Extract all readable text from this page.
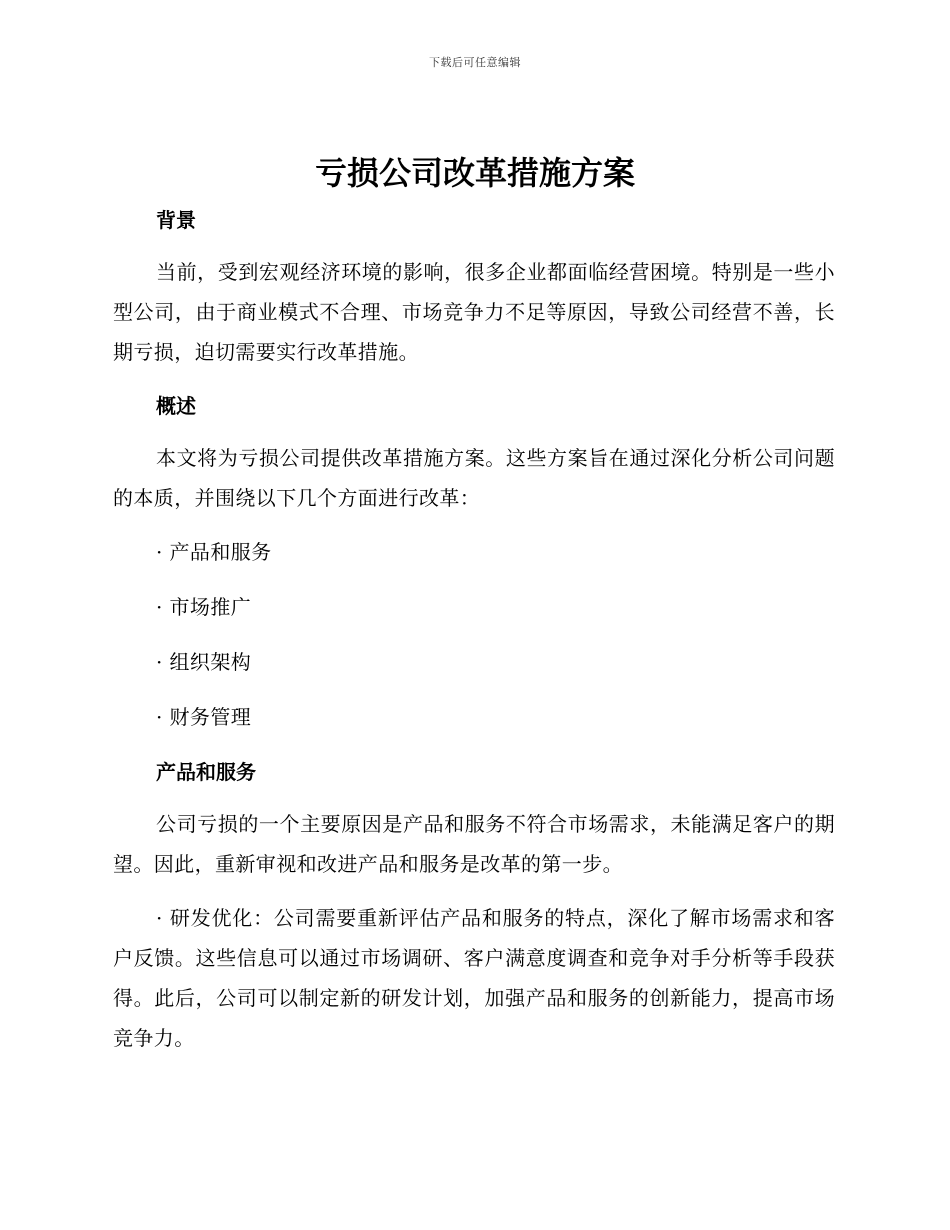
下载后可任意编辑
亏损公司改革措施方案
背景

当前，受到宏观经济环境的影响，很多企业都面临经营困境。特别是一些小型公司，由于商业模式不合理、市场竞争力不足等原因，导致公司经营不善，长期亏损，迫切需要实行改革措施。

概述

本文将为亏损公司提供改革措施方案。这些方案旨在通过深化分析公司问题的本质，并围绕以下几个方面进行改革：

· 产品和服务
· 市场推广
· 组织架构
· 财务管理
产品和服务

公司亏损的一个主要原因是产品和服务不符合市场需求，未能满足客户的期望。因此，重新审视和改进产品和服务是改革的第一步。

· 研发优化：公司需要重新评估产品和服务的特点，深化了解市场需求和客户反馈。这些信息可以通过市场调研、客户满意度调查和竞争对手分析等手段获得。此后，公司可以制定新的研发计划，加强产品和服务的创新能力，提高市场竞争力。
